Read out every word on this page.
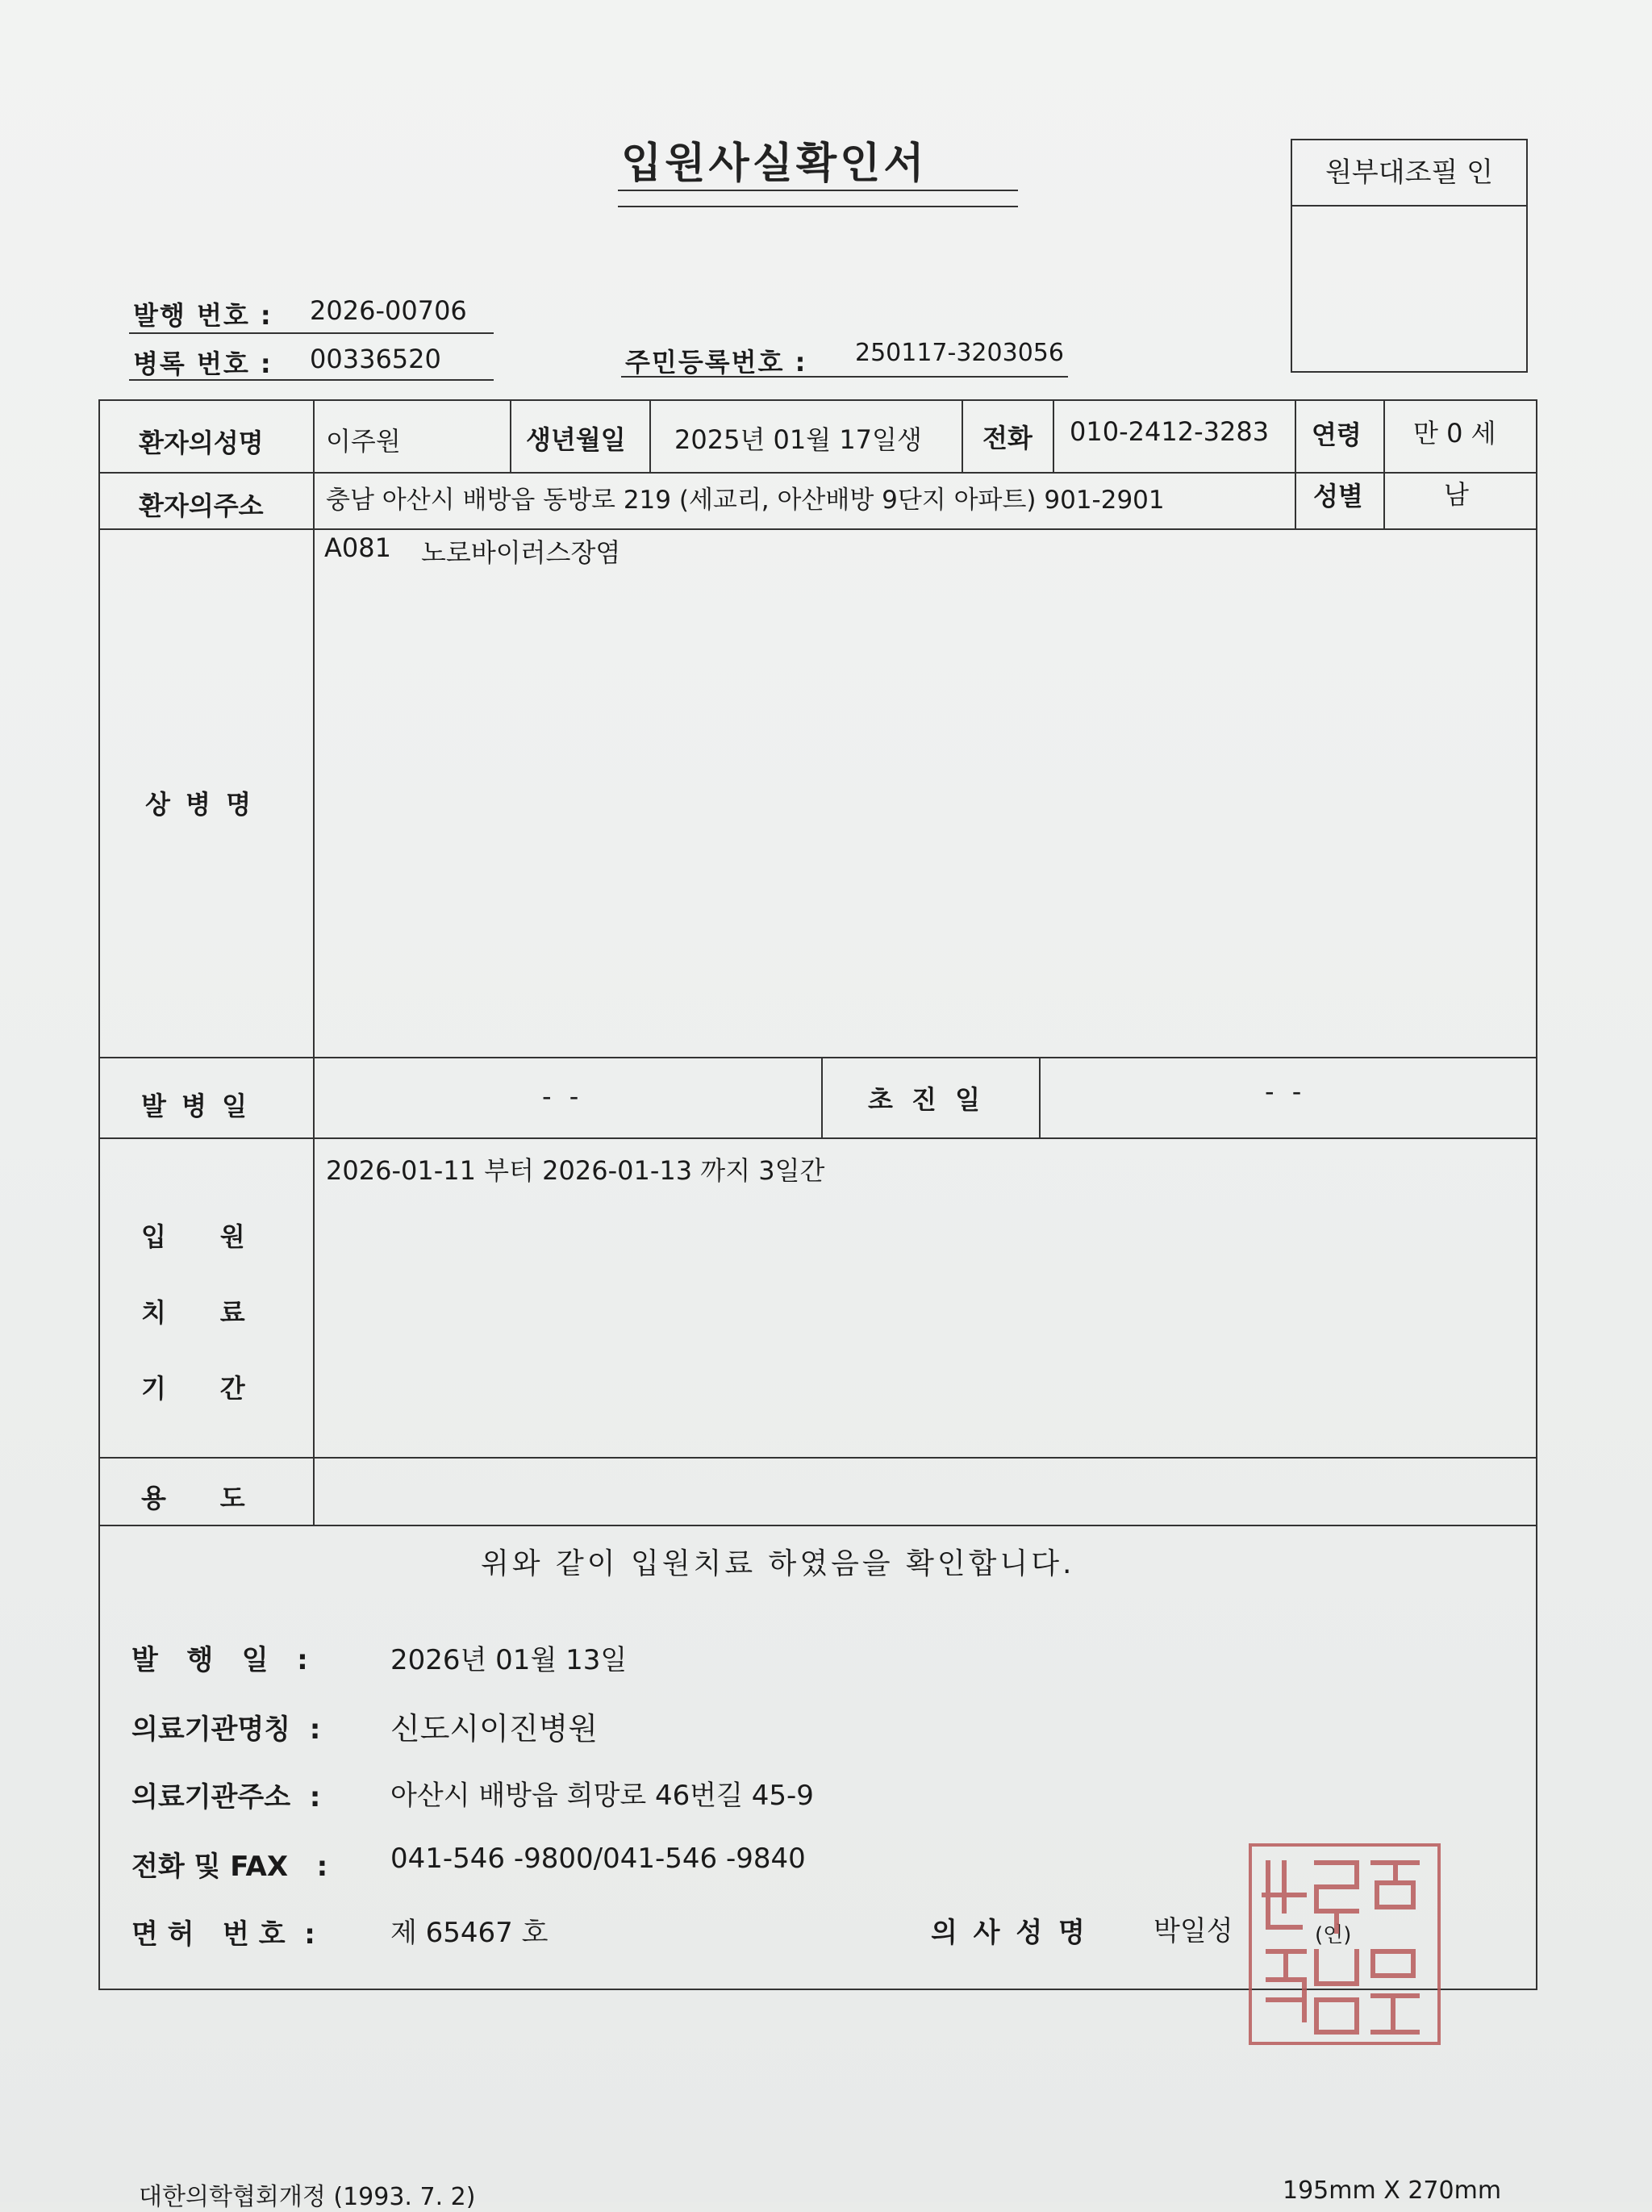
입원사실확인서	원부대조필 인
발행 번호 : 2026-00706
병록 번호 : 00336520	주민등록번호 : 250117-3203056
환자의성명 이주원	생년월일 2025년 01월 17일생 전화 010-2412-3283 연령 만 0 세
환자의주소 충남 아산시 배방읍 동방로 219 (세교리, 아산배방 9단지 아파트) 901-2901	성별	남
상 병 명
A081 노로바이러스장염
발 병 일	- -	초 진 일	- -
입      원
치      료
기      간
2026-01-11 부터 2026-01-13 까지 3일간
용      도
위와 같이 입원치료 하였음을 확인합니다.
발   행   일   :	2026년 01월 13일
의료기관명칭  : 신도시이진병원
의료기관주소  :	아산시 배방읍 희망로 46번길 45-9
전화 및 FAX   : 041-546 -9800/041-546 -9840
면 허   번 호  :	제 65467 호	의 사 성 명 박일성	(인)
대한의학협회개정 (1993. 7. 2)	195mm X 270mm
